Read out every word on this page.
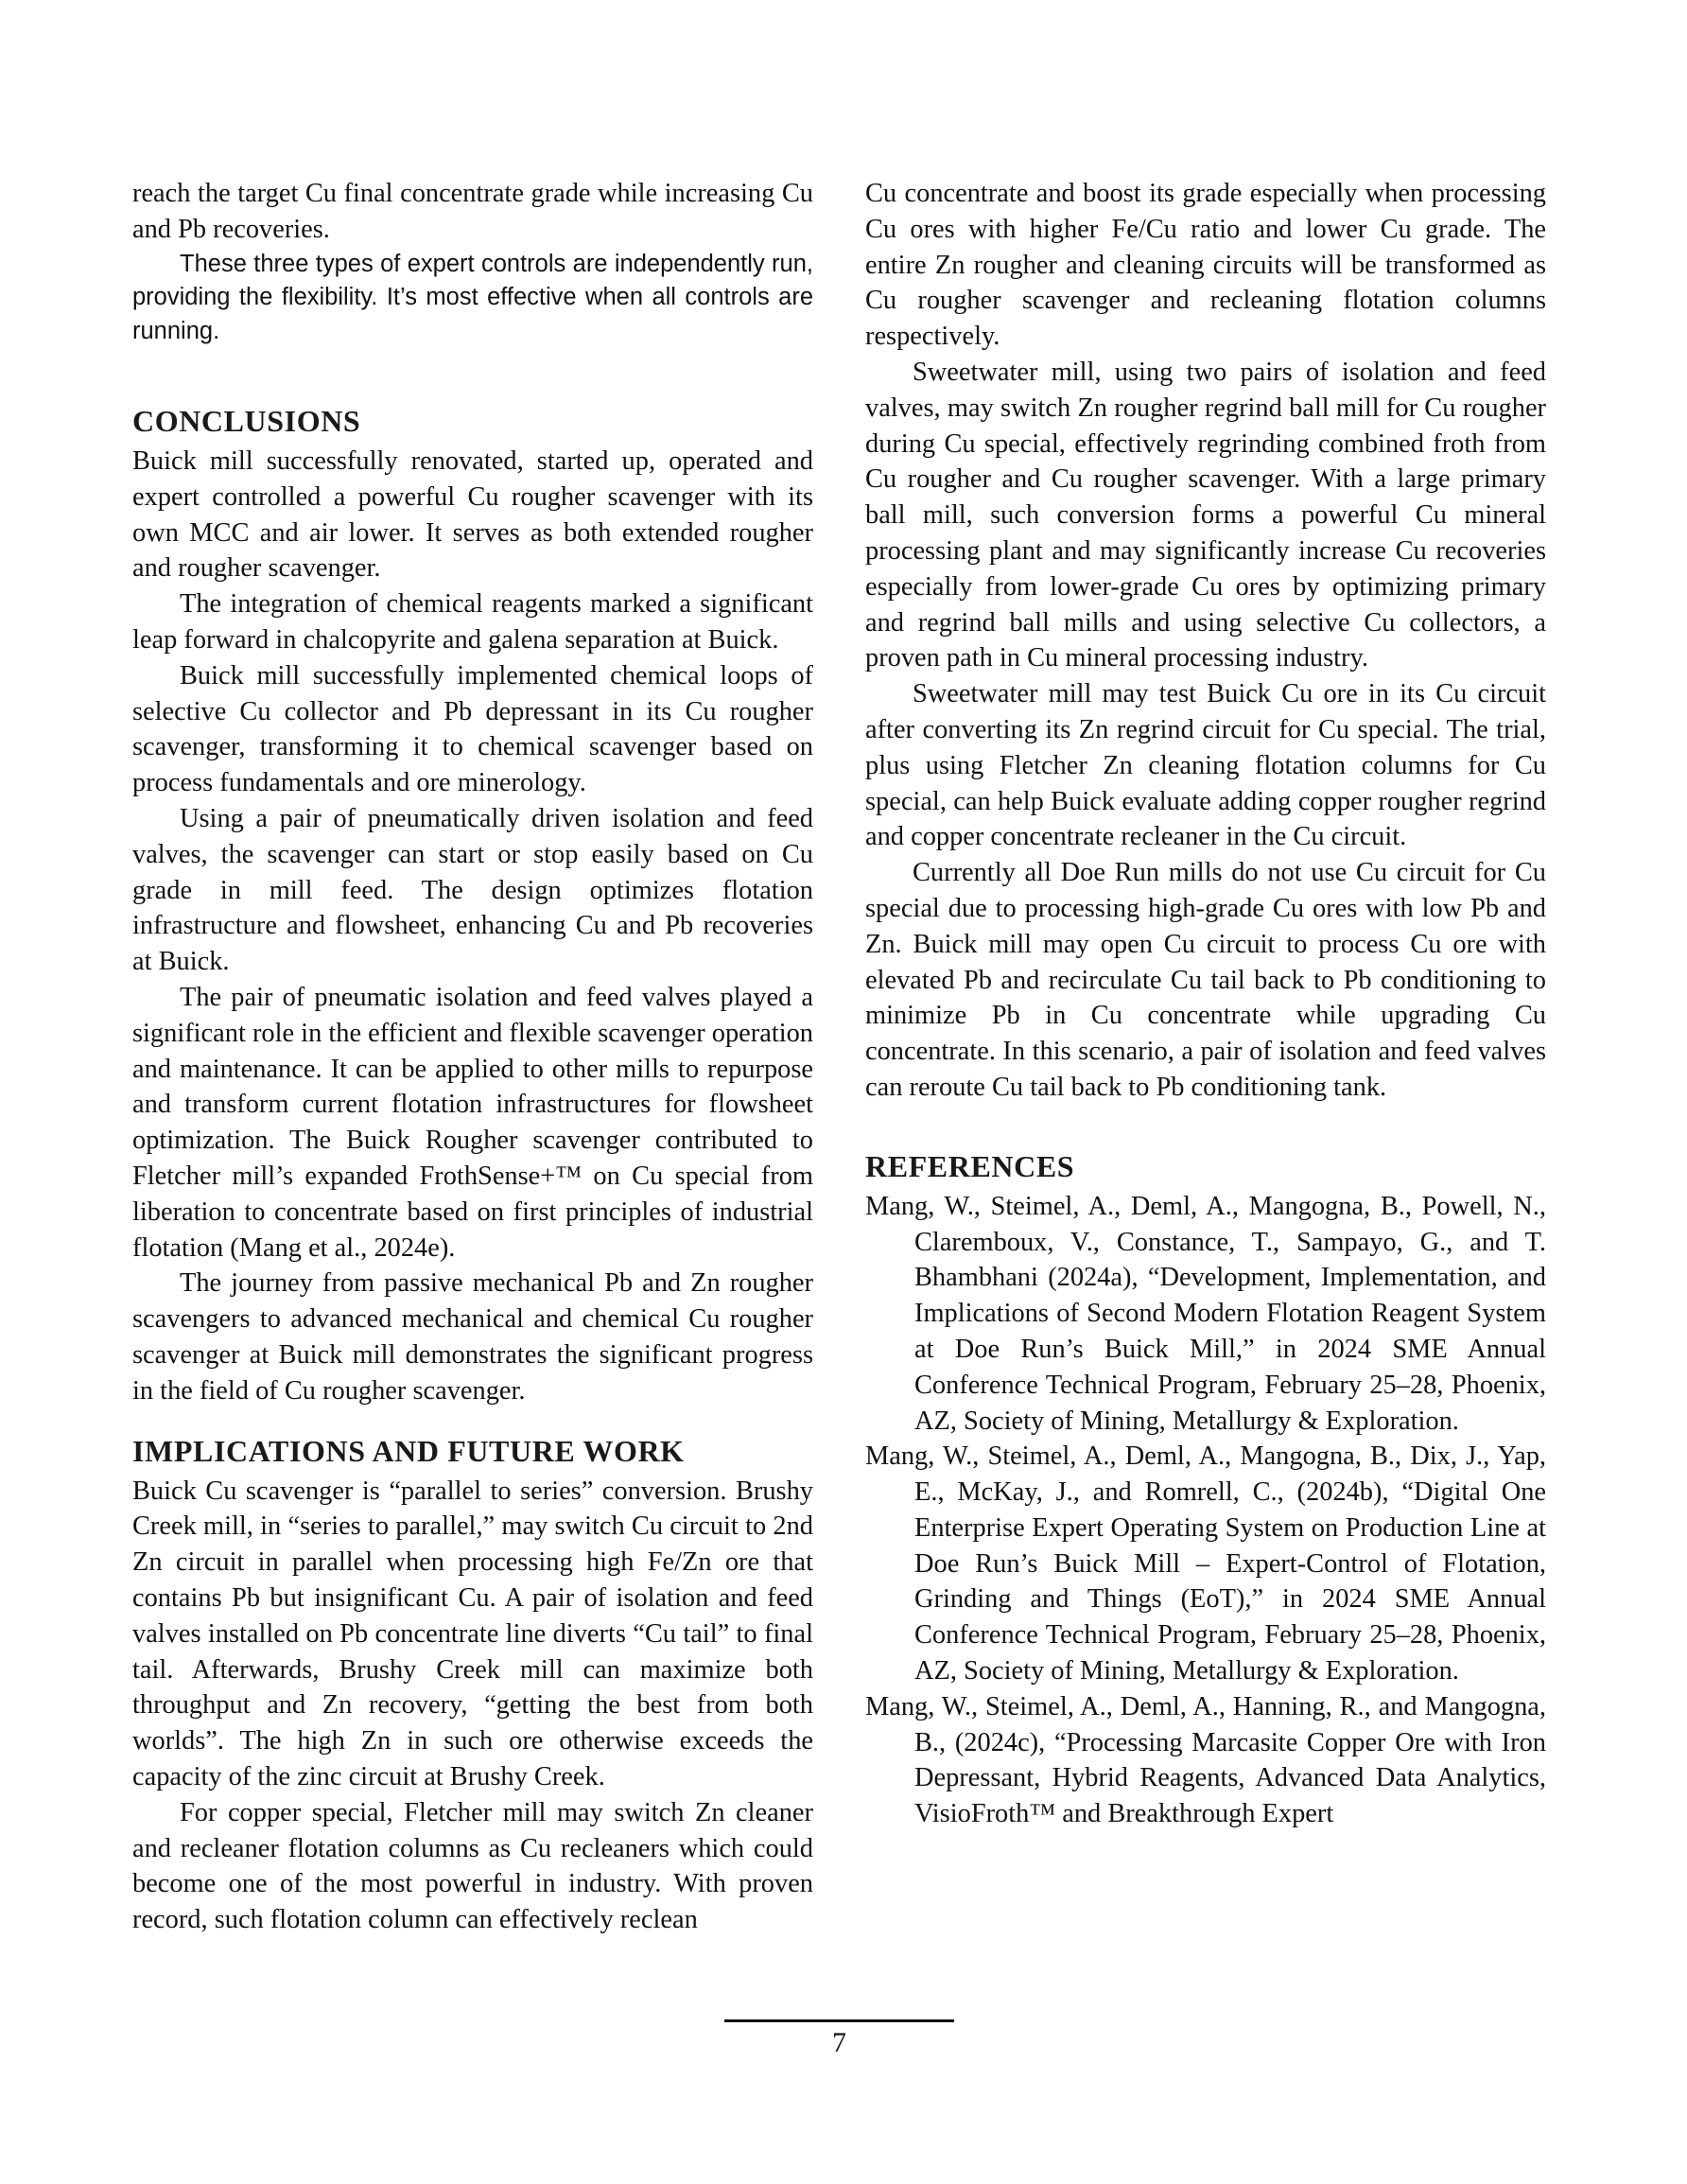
reach the target Cu final concentrate grade while increasing Cu and Pb recoveries.

These three types of expert controls are independently run, providing the flexibility. It’s most effective when all controls are running.

CONCLUSIONS

Buick mill successfully renovated, started up, operated and expert controlled a powerful Cu rougher scavenger with its own MCC and air lower. It serves as both extended rougher and rougher scavenger.

The integration of chemical reagents marked a significant leap forward in chalcopyrite and galena separation at Buick.

Buick mill successfully implemented chemical loops of selective Cu collector and Pb depressant in its Cu rougher scavenger, transforming it to chemical scavenger based on process fundamentals and ore minerology.

Using a pair of pneumatically driven isolation and feed valves, the scavenger can start or stop easily based on Cu grade in mill feed. The design optimizes flotation infrastructure and flowsheet, enhancing Cu and Pb recoveries at Buick.

The pair of pneumatic isolation and feed valves played a significant role in the efficient and flexible scavenger operation and maintenance. It can be applied to other mills to repurpose and transform current flotation infrastructures for flowsheet optimization. The Buick Rougher scavenger contributed to Fletcher mill’s expanded FrothSense+™ on Cu special from liberation to concentrate based on first principles of industrial flotation (Mang et al., 2024e).

The journey from passive mechanical Pb and Zn rougher scavengers to advanced mechanical and chemical Cu rougher scavenger at Buick mill demonstrates the significant progress in the field of Cu rougher scavenger.

IMPLICATIONS AND FUTURE WORK

Buick Cu scavenger is “parallel to series” conversion. Brushy Creek mill, in “series to parallel,” may switch Cu circuit to 2nd Zn circuit in parallel when processing high Fe/Zn ore that contains Pb but insignificant Cu. A pair of isolation and feed valves installed on Pb concentrate line diverts “Cu tail” to final tail. Afterwards, Brushy Creek mill can maximize both throughput and Zn recovery, “getting the best from both worlds”. The high Zn in such ore otherwise exceeds the capacity of the zinc circuit at Brushy Creek.

For copper special, Fletcher mill may switch Zn cleaner and recleaner flotation columns as Cu recleaners which could become one of the most powerful in industry. With proven record, such flotation column can effectively reclean

Cu concentrate and boost its grade especially when processing Cu ores with higher Fe/Cu ratio and lower Cu grade. The entire Zn rougher and cleaning circuits will be transformed as Cu rougher scavenger and recleaning flotation columns respectively.

Sweetwater mill, using two pairs of isolation and feed valves, may switch Zn rougher regrind ball mill for Cu rougher during Cu special, effectively regrinding combined froth from Cu rougher and Cu rougher scavenger. With a large primary ball mill, such conversion forms a powerful Cu mineral processing plant and may significantly increase Cu recoveries especially from lower-grade Cu ores by optimizing primary and regrind ball mills and using selective Cu collectors, a proven path in Cu mineral processing industry.

Sweetwater mill may test Buick Cu ore in its Cu circuit after converting its Zn regrind circuit for Cu special. The trial, plus using Fletcher Zn cleaning flotation columns for Cu special, can help Buick evaluate adding copper rougher regrind and copper concentrate recleaner in the Cu circuit.

Currently all Doe Run mills do not use Cu circuit for Cu special due to processing high-grade Cu ores with low Pb and Zn. Buick mill may open Cu circuit to process Cu ore with elevated Pb and recirculate Cu tail back to Pb conditioning to minimize Pb in Cu concentrate while upgrading Cu concentrate. In this scenario, a pair of isolation and feed valves can reroute Cu tail back to Pb conditioning tank.

REFERENCES

Mang, W., Steimel, A., Deml, A., Mangogna, B., Powell, N., Claremboux, V., Constance, T., Sampayo, G., and T. Bhambhani (2024a), “Development, Implementation, and Implications of Second Modern Flotation Reagent System at Doe Run’s Buick Mill,” in 2024 SME Annual Conference Technical Program, February 25–28, Phoenix, AZ, Society of Mining, Metallurgy & Exploration.

Mang, W., Steimel, A., Deml, A., Mangogna, B., Dix, J., Yap, E., McKay, J., and Romrell, C., (2024b), “Digital One Enterprise Expert Operating System on Production Line at Doe Run’s Buick Mill – Expert-Control of Flotation, Grinding and Things (EoT),” in 2024 SME Annual Conference Technical Program, February 25–28, Phoenix, AZ, Society of Mining, Metallurgy & Exploration.

Mang, W., Steimel, A., Deml, A., Hanning, R., and Mangogna, B., (2024c), “Processing Marcasite Copper Ore with Iron Depressant, Hybrid Reagents, Advanced Data Analytics, VisioFroth™ and Breakthrough Expert

7
